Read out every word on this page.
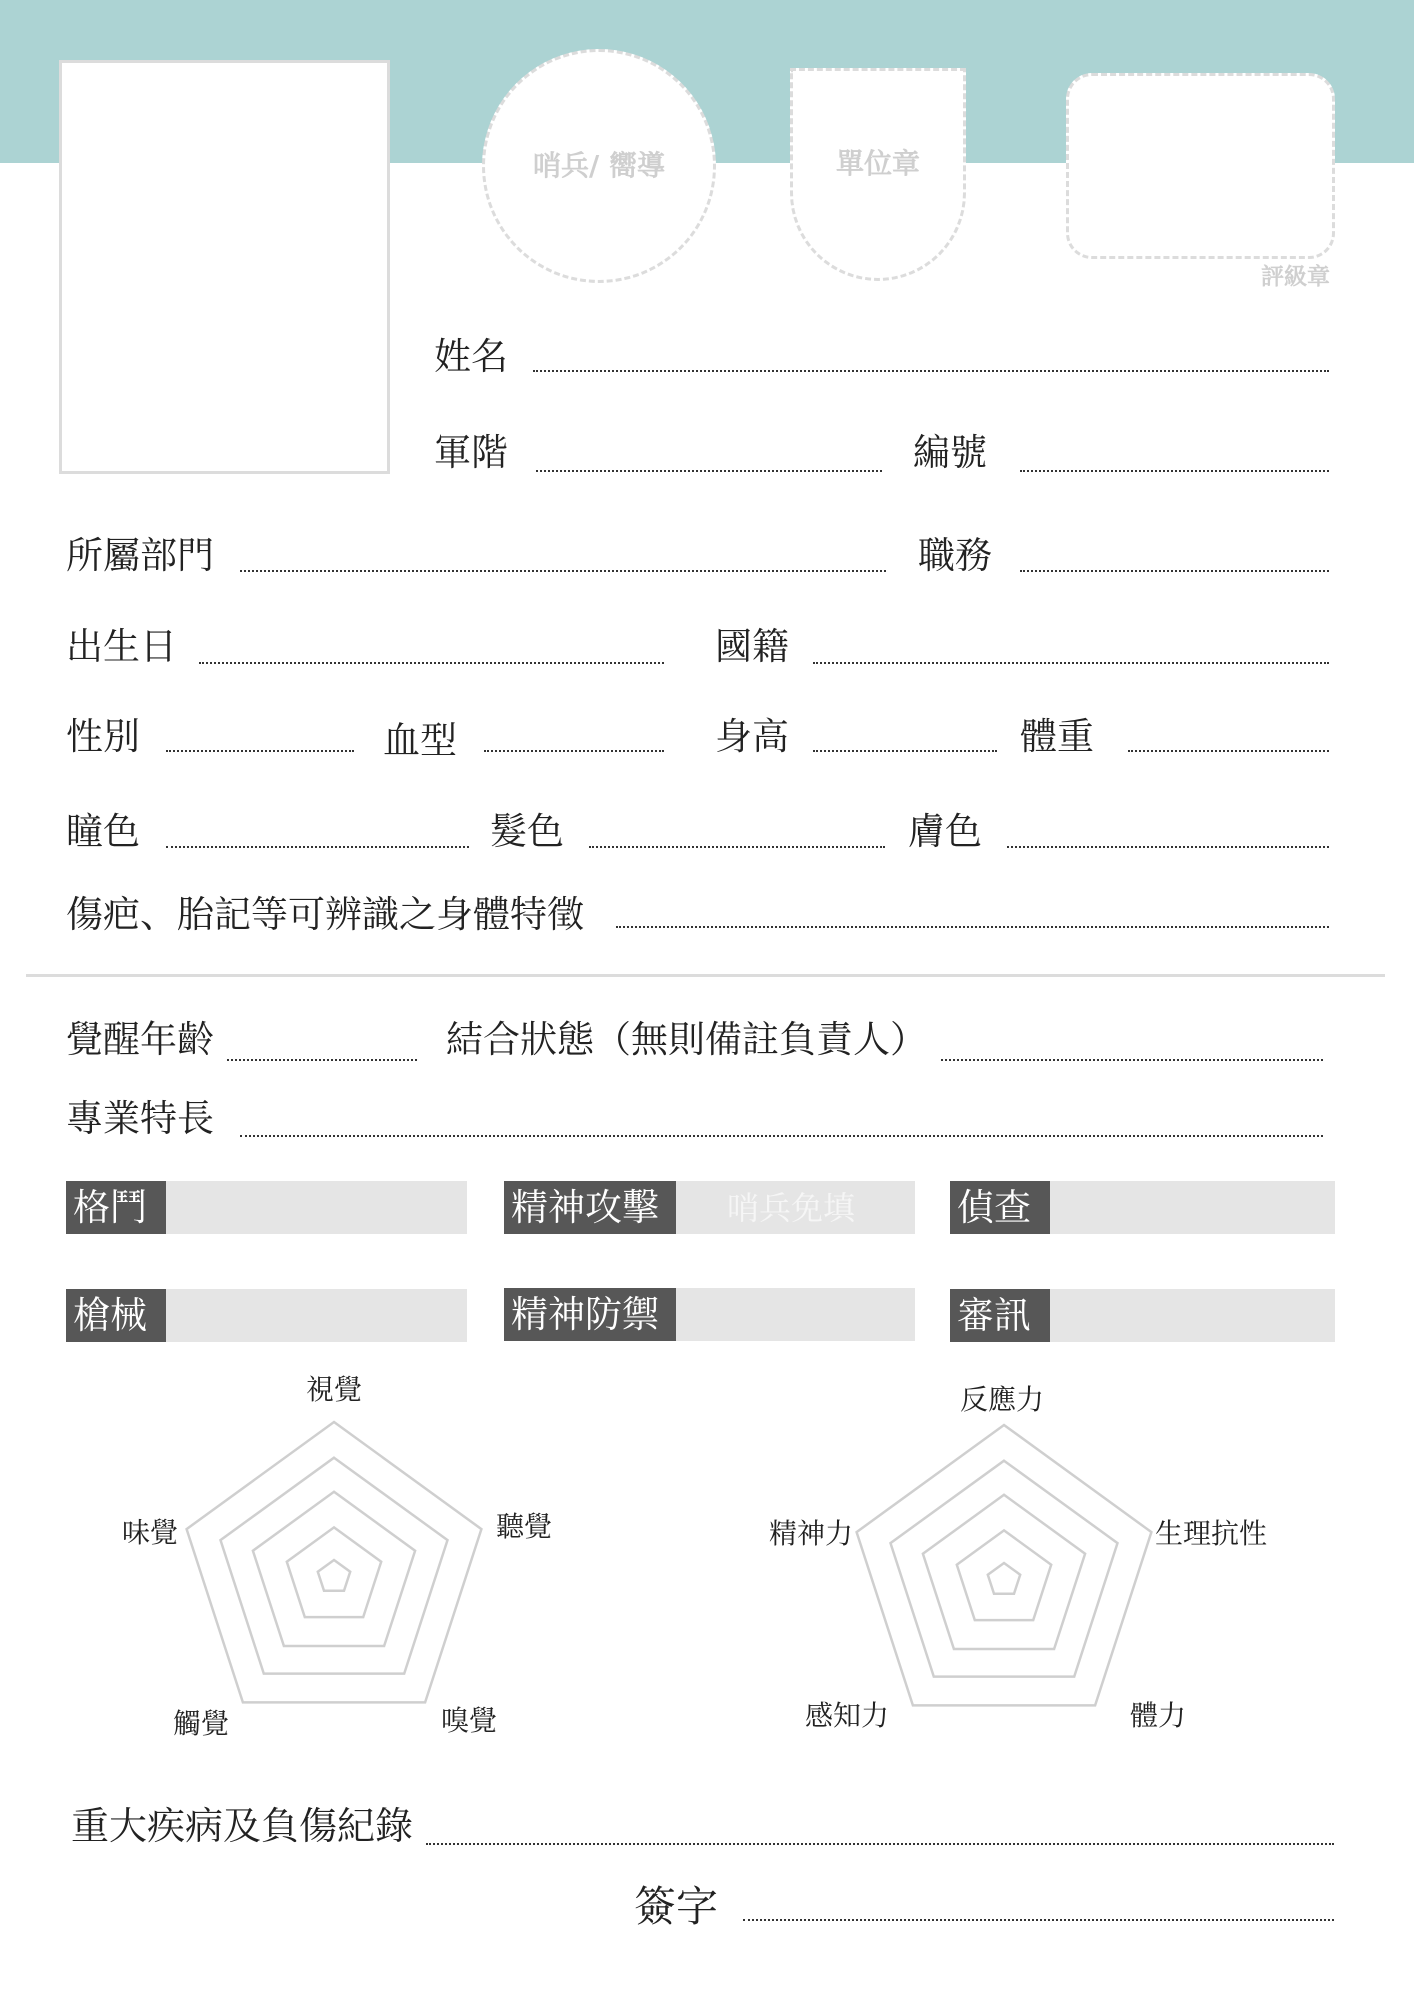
哨兵/ 嚮導	單位章
評級章
姓名
軍階	編號
所屬部門	職務
出生日	國籍
性別	血型	身高	體重
瞳色	髮色	膚色
傷疤、胎記等可辨識之身體特徵
覺醒年齡	結合狀態（無則備註負責人）
專業特長
格鬥	精神攻擊	哨兵免填	偵查
槍械	精神防禦	審訊
視覺
聽覺
嗅覺
觸覺
味覺
反應力
生理抗性
體力
感知力
精神力
重大疾病及負傷紀錄
簽字
